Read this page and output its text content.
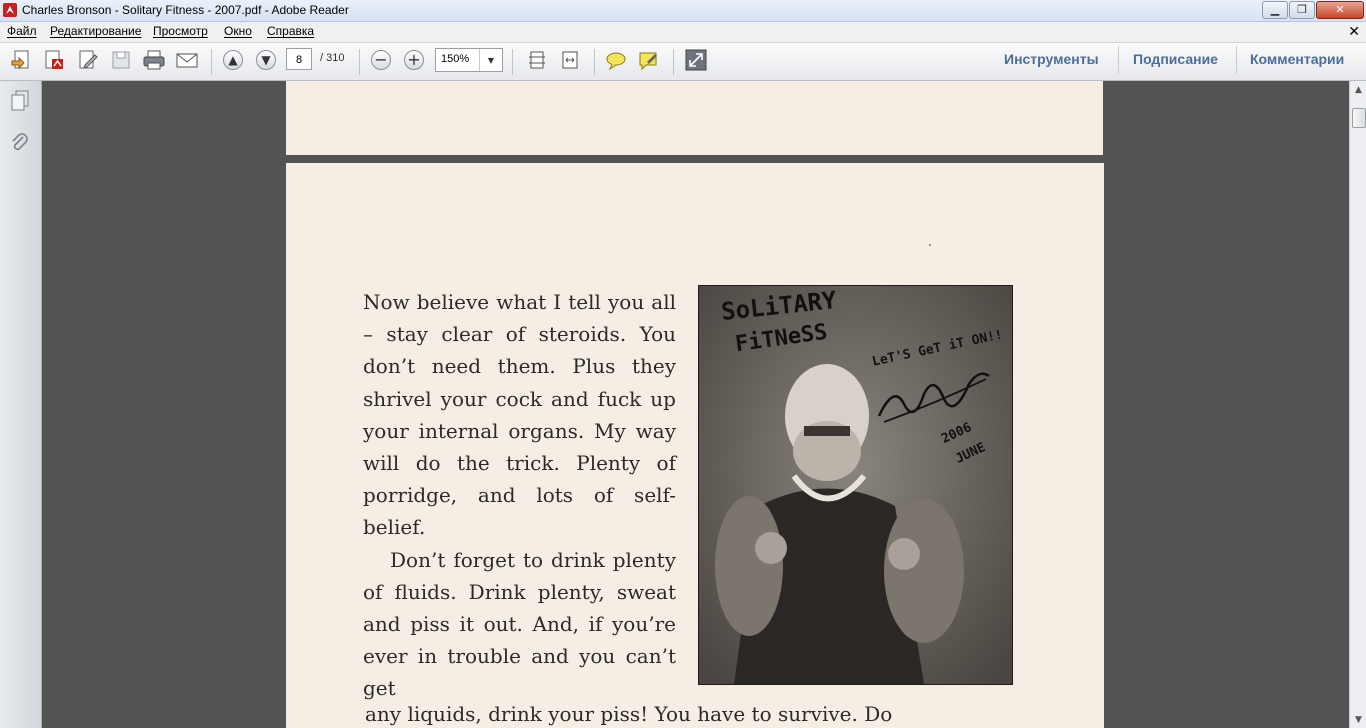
Charles Bronson - Solitary Fitness - 2007.pdf - Adobe Reader	▁	❐	✕
Файл Редактирование Просмотр Окно Справка	✕
▲	▼	8	/ 310 − + 150%	▼	Инструменты Подписание Комментарии

Now believe what I tell you all – stay clear of steroids. You don’t need them. Plus they shrivel your cock and fuck up your internal organs. My way will do the trick. Plenty of porridge, and lots of self-belief.

Don’t forget to drink plenty of fluids. Drink plenty, sweat and piss it out. And, if you’re ever in trouble and you can’t get

SoLiTARY
FiTNeSS	LeT'S GeT iT ON!!
2006
JUNE
any liquids, drink your piss! You have to survive. Do
▲
▼
